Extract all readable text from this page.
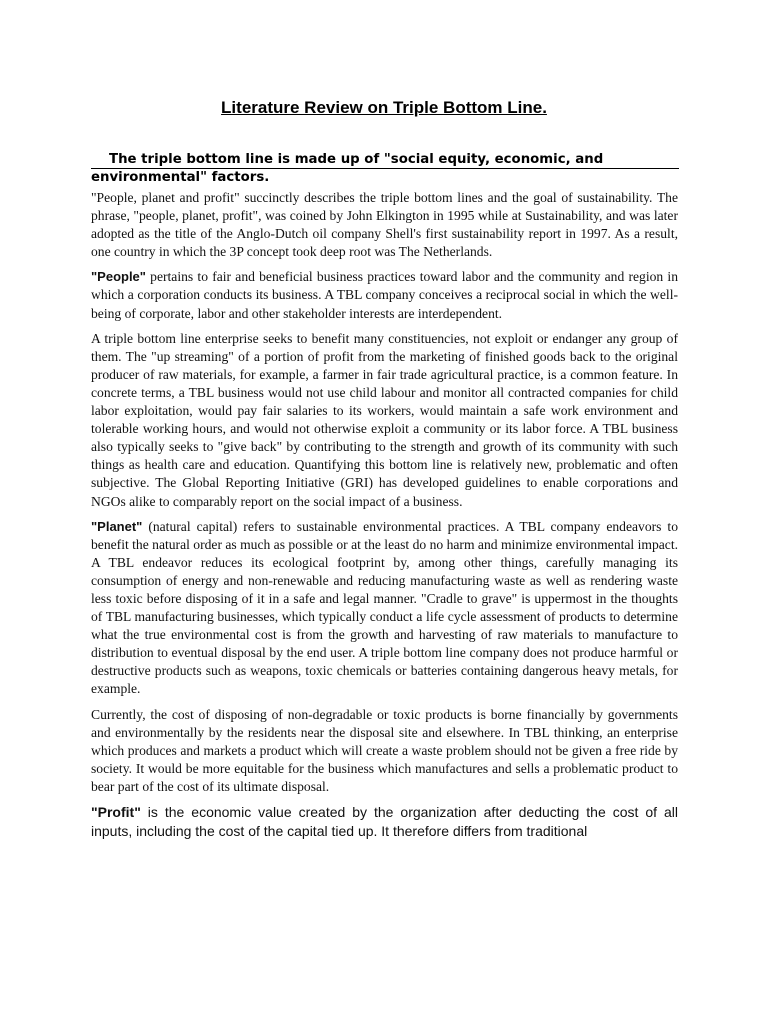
Literature Review on Triple Bottom Line.
The triple bottom line is made up of "social equity, economic, and
environmental" factors.

"People, planet and profit" succinctly describes the triple bottom lines and the goal of sustainability. The phrase, "people, planet, profit", was coined by John Elkington in 1995 while at Sustainability, and was later adopted as the title of the Anglo-Dutch oil company Shell's first sustainability report in 1997. As a result, one country in which the 3P concept took deep root was The Netherlands.

"People" pertains to fair and beneficial business practices toward labor and the community and region in which a corporation conducts its business. A TBL company conceives a reciprocal social in which the well-being of corporate, labor and other stakeholder interests are interdependent.

A triple bottom line enterprise seeks to benefit many constituencies, not exploit or endanger any group of them. The "up streaming" of a portion of profit from the marketing of finished goods back to the original producer of raw materials, for example, a farmer in fair trade agricultural practice, is a common feature. In concrete terms, a TBL business would not use child labour and monitor all contracted companies for child labor exploitation, would pay fair salaries to its workers, would maintain a safe work environment and tolerable working hours, and would not otherwise exploit a community or its labor force. A TBL business also typically seeks to "give back" by contributing to the strength and growth of its community with such things as health care and education. Quantifying this bottom line is relatively new, problematic and often subjective. The Global Reporting Initiative (GRI) has developed guidelines to enable corporations and NGOs alike to comparably report on the social impact of a business.

"Planet" (natural capital) refers to sustainable environmental practices. A TBL company endeavors to benefit the natural order as much as possible or at the least do no harm and minimize environmental impact. A TBL endeavor reduces its ecological footprint by, among other things, carefully managing its consumption of energy and non-renewable and reducing manufacturing waste as well as rendering waste less toxic before disposing of it in a safe and legal manner. "Cradle to grave" is uppermost in the thoughts of TBL manufacturing businesses, which typically conduct a life cycle assessment of products to determine what the true environmental cost is from the growth and harvesting of raw materials to manufacture to distribution to eventual disposal by the end user. A triple bottom line company does not produce harmful or destructive products such as weapons, toxic chemicals or batteries containing dangerous heavy metals, for example.

Currently, the cost of disposing of non-degradable or toxic products is borne financially by governments and environmentally by the residents near the disposal site and elsewhere. In TBL thinking, an enterprise which produces and markets a product which will create a waste problem should not be given a free ride by society. It would be more equitable for the business which manufactures and sells a problematic product to bear part of the cost of its ultimate disposal.

"Profit" is the economic value created by the organization after deducting the cost of all inputs, including the cost of the capital tied up. It therefore differs from traditional
